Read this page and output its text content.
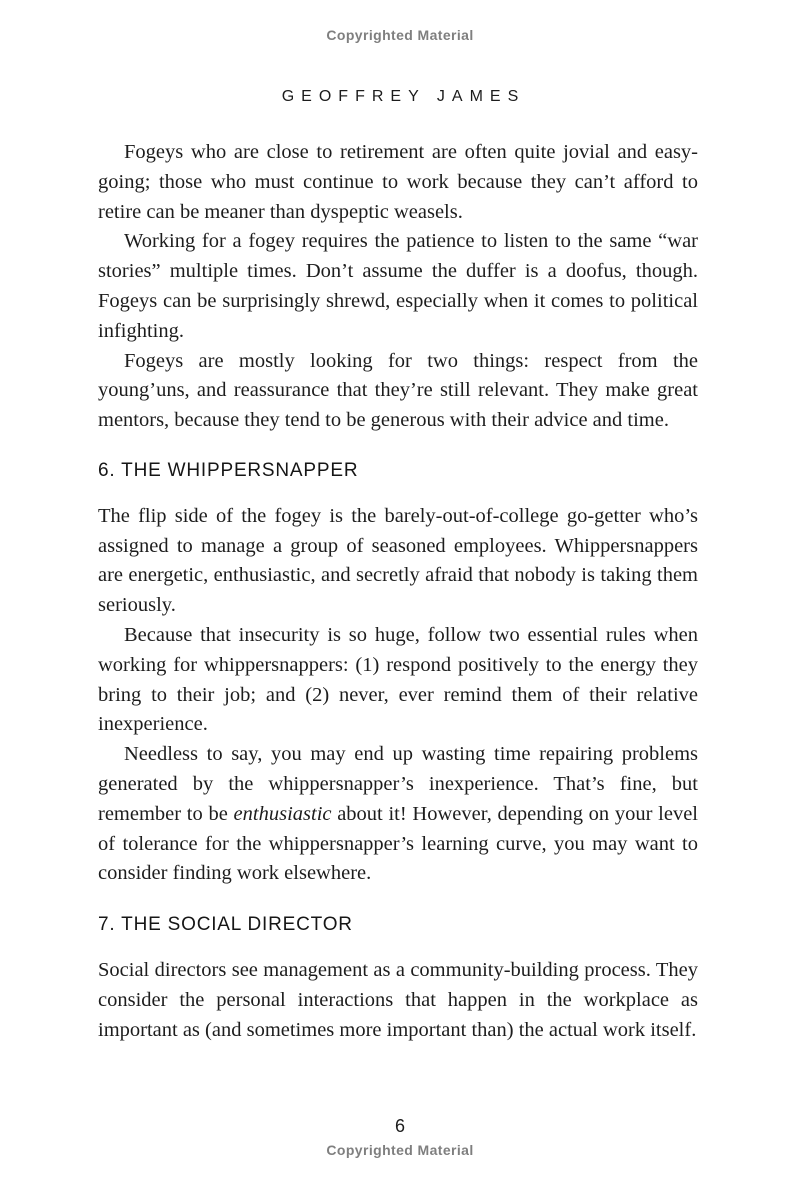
Copyrighted Material
GEOFFREY JAMES

Fogeys who are close to retirement are often quite jovial and easy-going; those who must continue to work because they can’t afford to retire can be meaner than dyspeptic weasels.

Working for a fogey requires the patience to listen to the same “war stories” multiple times. Don’t assume the duffer is a doofus, though. Fogeys can be surprisingly shrewd, especially when it comes to political infighting.

Fogeys are mostly looking for two things: respect from the young’uns, and reassurance that they’re still relevant. They make great mentors, because they tend to be generous with their advice and time.

6. THE WHIPPERSNAPPER

The flip side of the fogey is the barely-out-of-college go-getter who’s assigned to manage a group of seasoned employees. Whippersnappers are energetic, enthusiastic, and secretly afraid that nobody is taking them seriously.

Because that insecurity is so huge, follow two essential rules when working for whippersnappers: (1) respond positively to the energy they bring to their job; and (2) never, ever remind them of their relative inexperience.

Needless to say, you may end up wasting time repairing problems generated by the whippersnapper’s inexperience. That’s fine, but remember to be enthusiastic about it! However, depending on your level of tolerance for the whippersnapper’s learning curve, you may want to consider finding work elsewhere.

7. THE SOCIAL DIRECTOR

Social directors see management as a community-building process. They consider the personal interactions that happen in the workplace as important as (and sometimes more important than) the actual work itself.

6
Copyrighted Material
